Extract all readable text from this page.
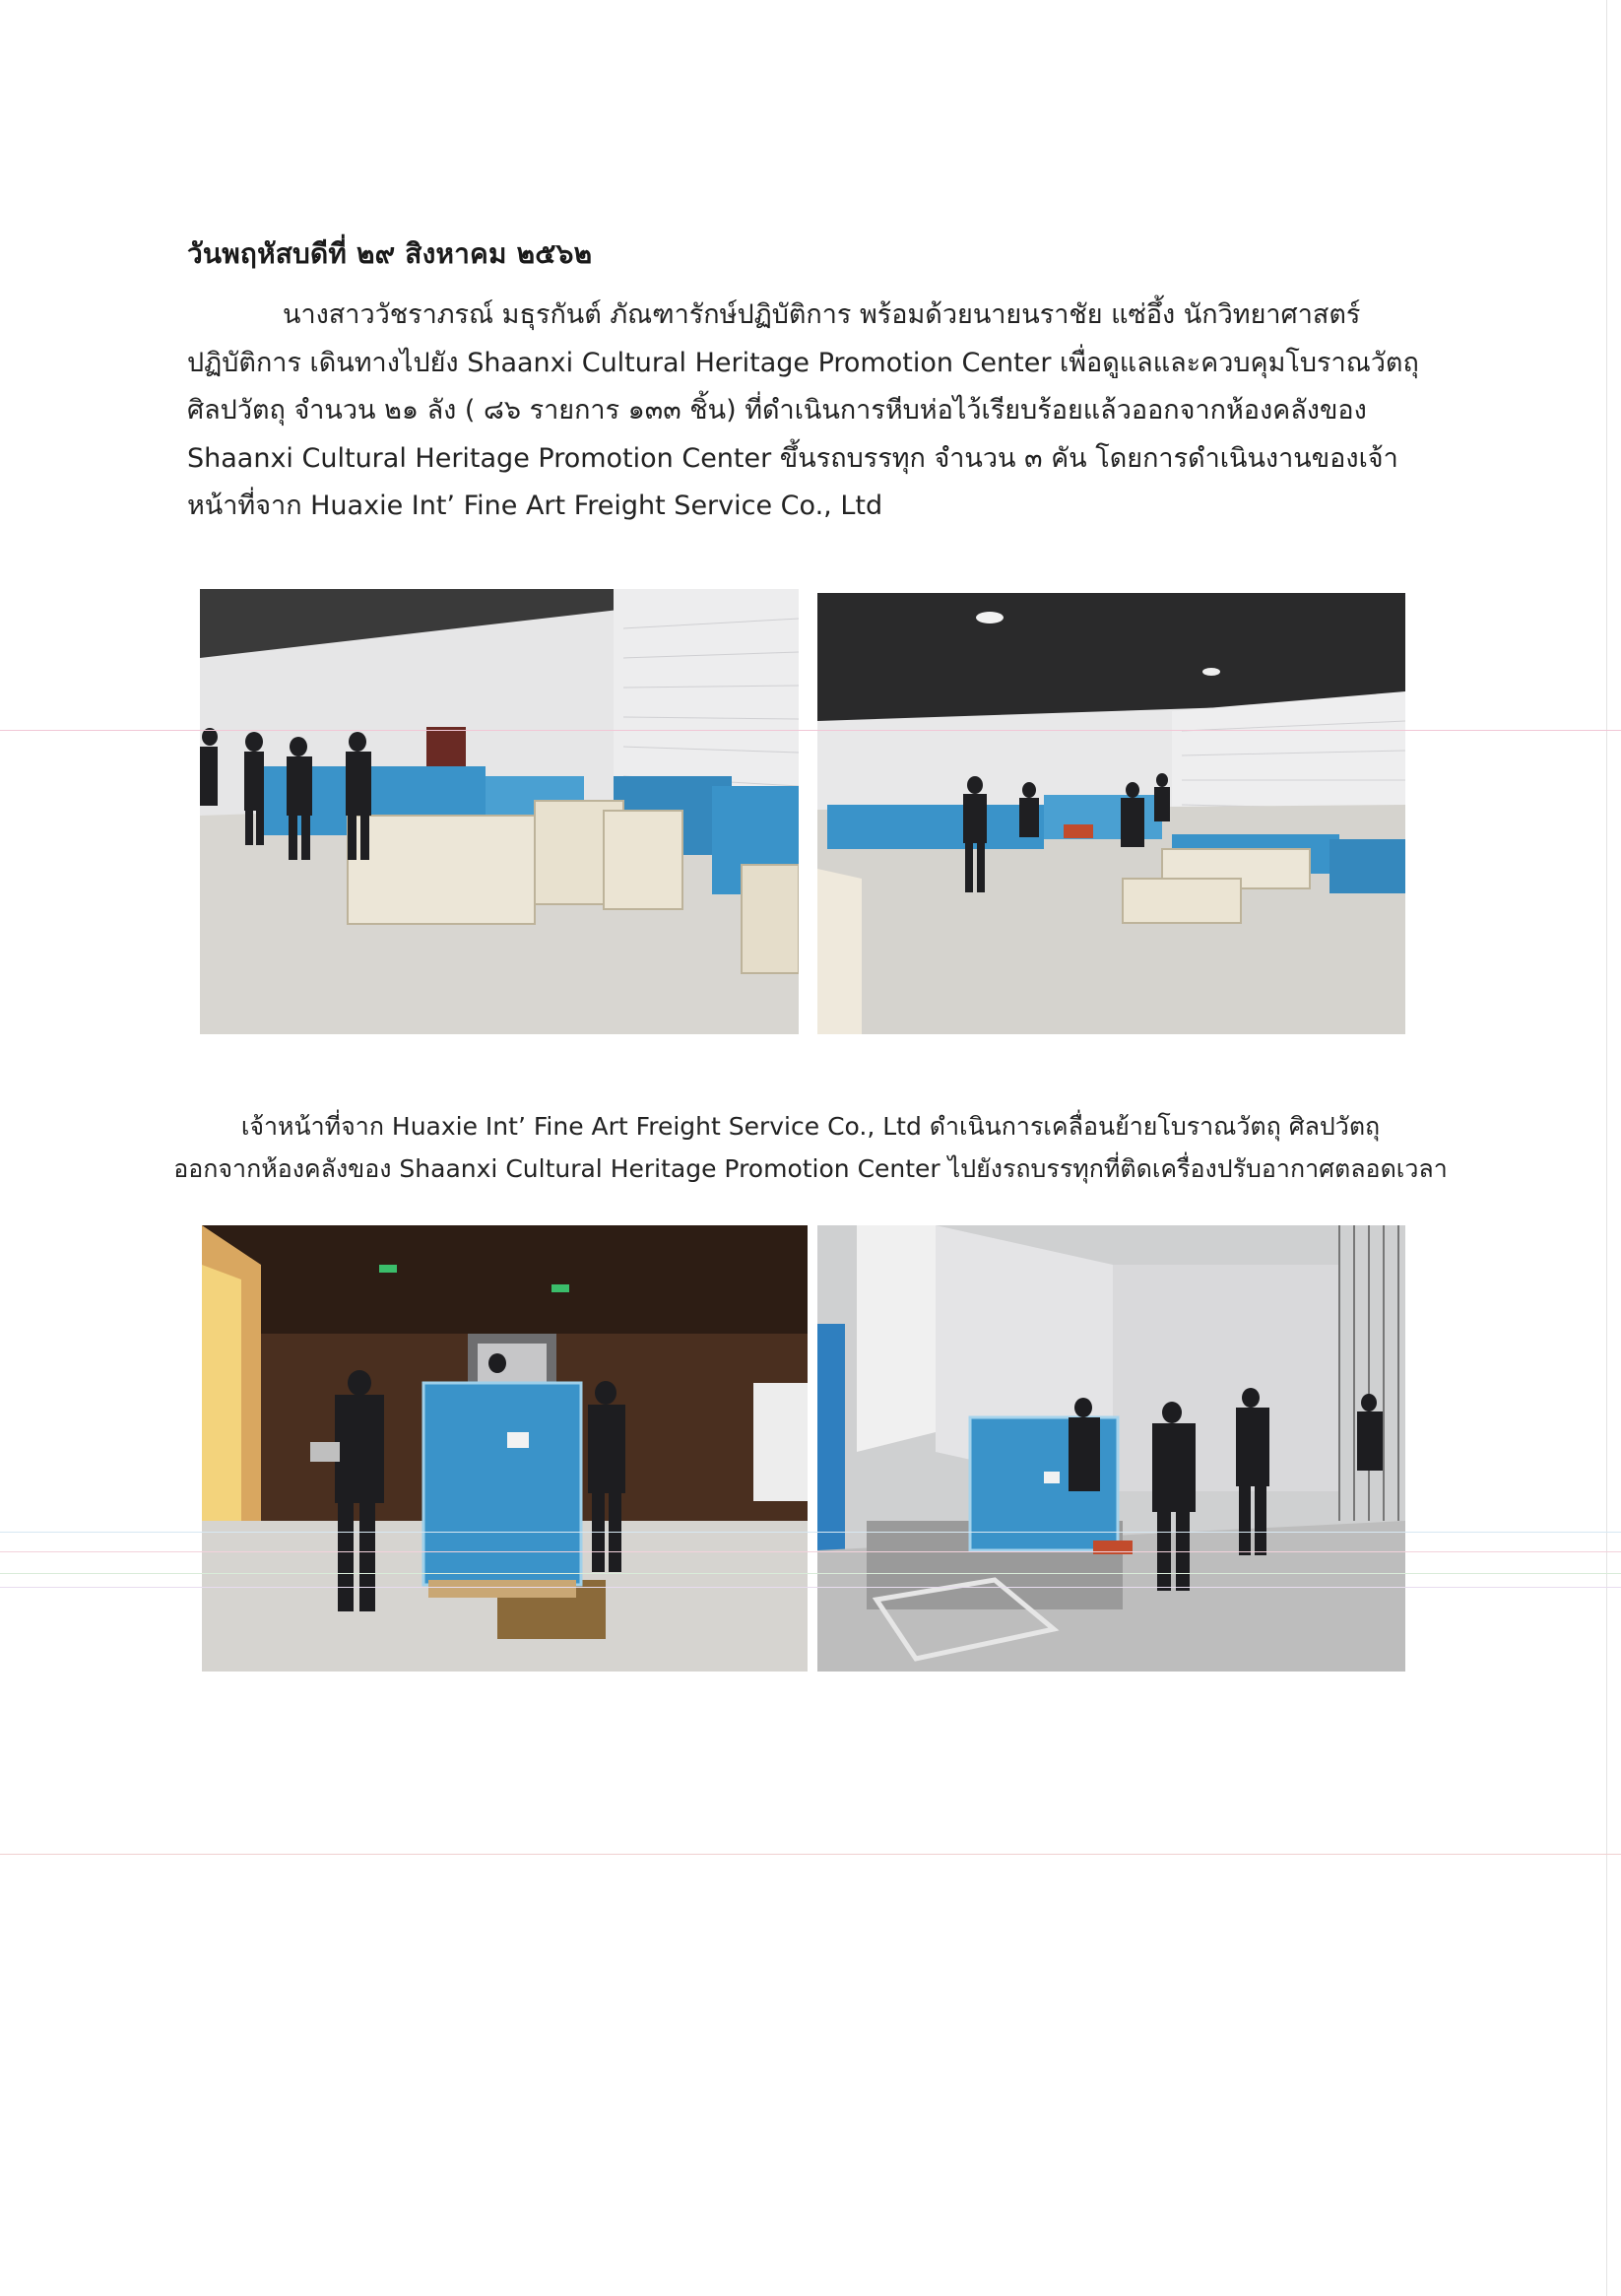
วันพฤหัสบดีที่ ๒๙ สิงหาคม ๒๕๖๒
นางสาววัชราภรณ์ มธุรกันต์ ภัณฑารักษ์ปฏิบัติการ พร้อมด้วยนายนราชัย แซ่อึ้ง นักวิทยาศาสตร์ปฏิบัติการ เดินทางไปยัง Shaanxi Cultural Heritage Promotion Center เพื่อดูแลและควบคุมโบราณวัตถุ ศิลปวัตถุ จำนวน ๒๑ ลัง ( ๘๖ รายการ ๑๓๓ ชิ้น) ที่ดำเนินการหีบห่อไว้เรียบร้อยแล้วออกจากห้องคลังของ Shaanxi Cultural Heritage Promotion Center ขึ้นรถบรรทุก จำนวน ๓ คัน โดยการดำเนินงานของเจ้าหน้าที่จาก Huaxie Int’ Fine Art Freight Service Co., Ltd
เจ้าหน้าที่จาก Huaxie Int’ Fine Art Freight Service Co., Ltd ดำเนินการเคลื่อนย้ายโบราณวัตถุ ศิลปวัตถุ
ออกจากห้องคลังของ Shaanxi Cultural Heritage Promotion Center ไปยังรถบรรทุกที่ติดเครื่องปรับอากาศตลอดเวลา
